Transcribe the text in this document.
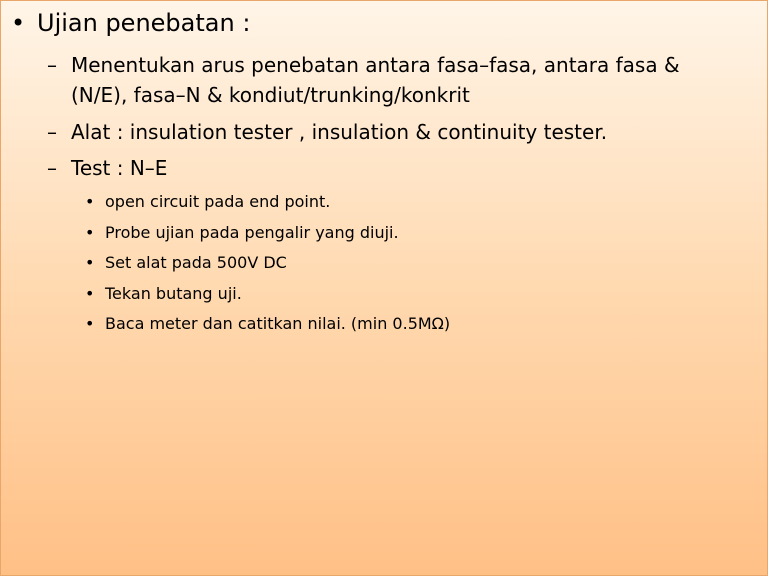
• Ujian penebatan :
– Menentukan arus penebatan antara fasa–fasa, antara fasa &
(N/E), fasa–N & kondiut/trunking/konkrit
– Alat : insulation tester , insulation & continuity tester.
– Test : N–E
• open circuit pada end point.
• Probe ujian pada pengalir yang diuji.
• Set alat pada 500V DC
• Tekan butang uji.
• Baca meter dan catitkan nilai. (min 0.5MΩ)
